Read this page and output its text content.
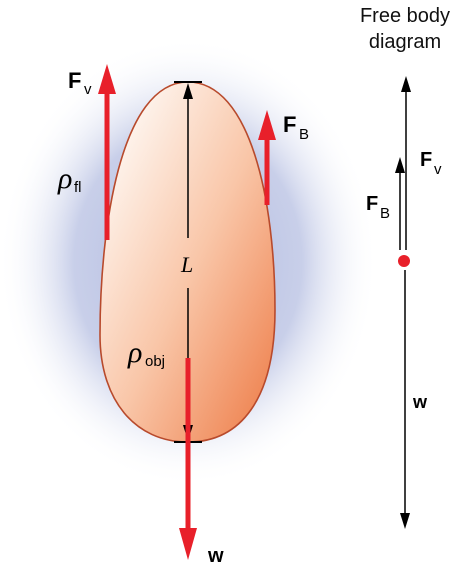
L
F v
ρ fl
F B
ρ obj
w
Free body
diagram
F v
F B
w
